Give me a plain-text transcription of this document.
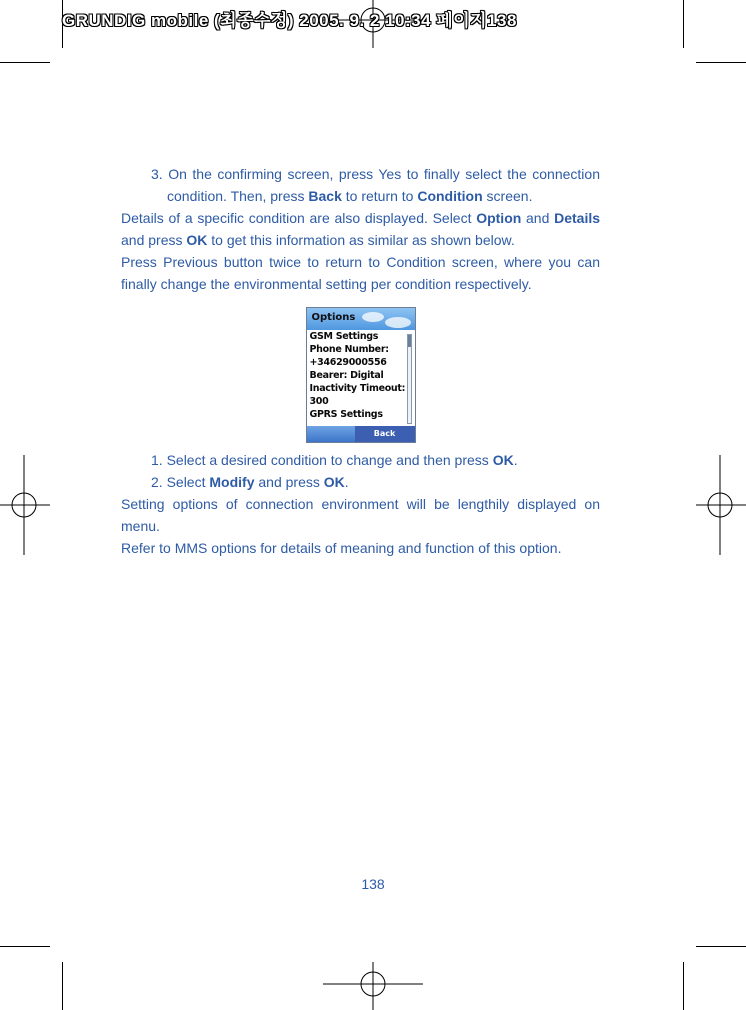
GRUNDIG mobile (최종수정) 2005. 9. 2 10:34 페이지138

3. On the confirming screen, press Yes to finally select the connection condition. Then, press Back to return to Condition screen.

Details of a specific condition are also displayed. Select Option and Details and press OK to get this information as similar as shown below.

Press Previous button twice to return to Condition screen, where you can finally change the environmental setting per condition respectively.

Options
GSM Settings
Phone Number:
+34629000556
Bearer: Digital
Inactivity Timeout:
300
GPRS Settings
Back

1. Select a desired condition to change and then press OK.

2. Select Modify and press OK.

Setting options of connection environment will be lengthily displayed on menu.

Refer to MMS options for details of meaning and function of this option.

138
